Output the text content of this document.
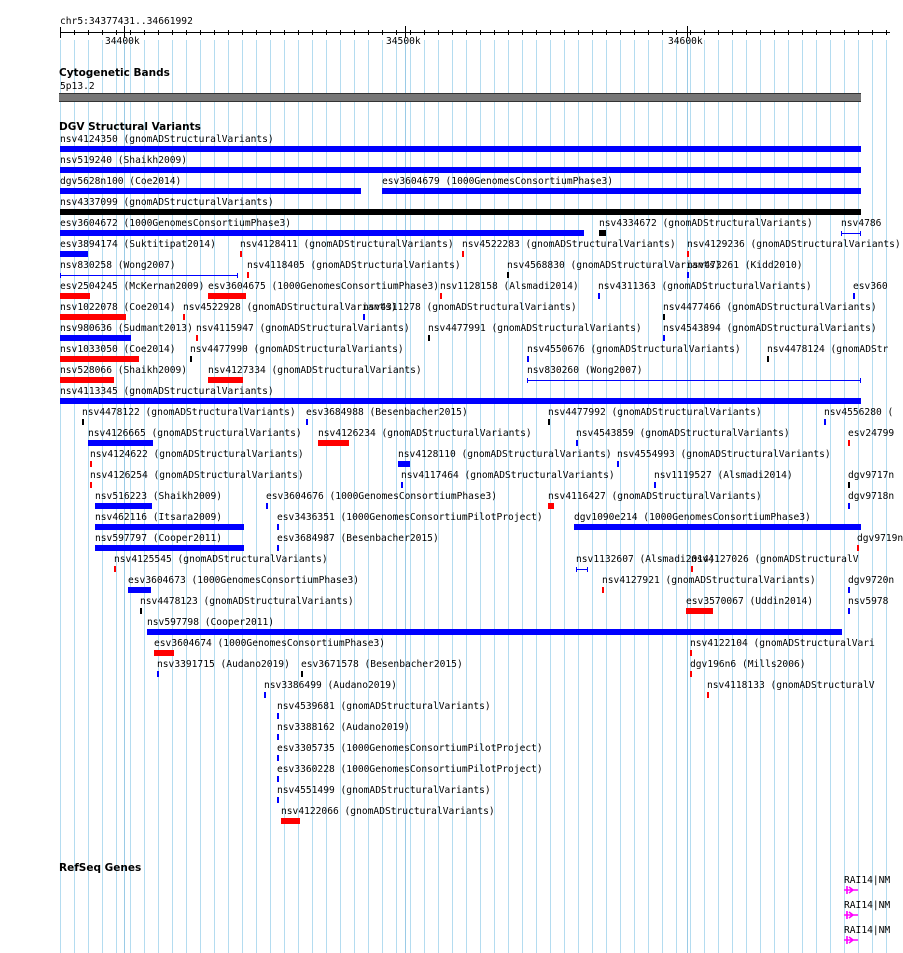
chr5:34377431..34661992
34400k	34500k	34600k
Cytogenetic Bands
5p13.2
DGV Structural Variants
nsv4124350 (gnomADStructuralVariants)
nsv519240 (Shaikh2009)
dgv5628n100 (Coe2014)	esv3604679 (1000GenomesConsortiumPhase3)
nsv4337099 (gnomADStructuralVariants)
esv3604672 (1000GenomesConsortiumPhase3)	nsv4334672 (gnomADStructuralVariants)	nsv4786
esv3894174 (Suktitipat2014)	nsv4128411 (gnomADStructuralVariants) nsv4522283 (gnomADStructuralVariants) nsv4129236 (gnomADStructuralVariants)
nsv830258 (Wong2007)	nsv4118405 (gnomADStructuralVariants)	nsv4568830 (gnomADStructuralVariants)
nsv473261 (Kidd2010)
esv2504245 (McKernan2009) esv3604675 (1000GenomesConsortiumPhase3) nsv1128158 (Alsmadi2014) nsv4311363 (gnomADStructuralVariants)	esv360
nsv1022078 (Coe2014) nsv4522928 (gnomADStructuralVariants)
nsv4311278 (gnomADStructuralVariants)	nsv4477466 (gnomADStructuralVariants)
nsv980636 (Sudmant2013) nsv4115947 (gnomADStructuralVariants) nsv4477991 (gnomADStructuralVariants) nsv4543894 (gnomADStructuralVariants)
nsv1033050 (Coe2014) nsv4477990 (gnomADStructuralVariants)	nsv4550676 (gnomADStructuralVariants)	nsv4478124 (gnomADStr
nsv528066 (Shaikh2009) nsv4127334 (gnomADStructuralVariants)	nsv830260 (Wong2007)
nsv4113345 (gnomADStructuralVariants)
nsv4478122 (gnomADStructuralVariants) esv3684988 (Besenbacher2015)	nsv4477992 (gnomADStructuralVariants)	nsv4556280 (
nsv4126665 (gnomADStructuralVariants) nsv4126234 (gnomADStructuralVariants)	nsv4543859 (gnomADStructuralVariants)	esv24799
nsv4124622 (gnomADStructuralVariants)	nsv4128110 (gnomADStructuralVariants) nsv4554993 (gnomADStructuralVariants)
nsv4126254 (gnomADStructuralVariants)	nsv4117464 (gnomADStructuralVariants)	nsv1119527 (Alsmadi2014)	dgv9717n
nsv516223 (Shaikh2009)	esv3604676 (1000GenomesConsortiumPhase3)	nsv4116427 (gnomADStructuralVariants)	dgv9718n
nsv462116 (Itsara2009)	esv3436351 (1000GenomesConsortiumPilotProject)	dgv1090e214 (1000GenomesConsortiumPhase3)
nsv597797 (Cooper2011)	esv3684987 (Besenbacher2015)	dgv9719n
nsv4125545 (gnomADStructuralVariants)	nsv1132607 (Alsmadi2014)
nsv4127026 (gnomADStructuralV
esv3604673 (1000GenomesConsortiumPhase3)	nsv4127921 (gnomADStructuralVariants)	dgv9720n
nsv4478123 (gnomADStructuralVariants)	esv3570067 (Uddin2014)	nsv5978
nsv597798 (Cooper2011)
esv3604674 (1000GenomesConsortiumPhase3)	nsv4122104 (gnomADStructuralVari
nsv3391715 (Audano2019) esv3671578 (Besenbacher2015)	dgv196n6 (Mills2006)
nsv3386499 (Audano2019)	nsv4118133 (gnomADStructuralV
nsv4539681 (gnomADStructuralVariants)
nsv3388162 (Audano2019)
esv3305735 (1000GenomesConsortiumPilotProject)
esv3360228 (1000GenomesConsortiumPilotProject)
nsv4551499 (gnomADStructuralVariants)
nsv4122066 (gnomADStructuralVariants)
RefSeq Genes
RAI14|NM
RAI14|NM
RAI14|NM
